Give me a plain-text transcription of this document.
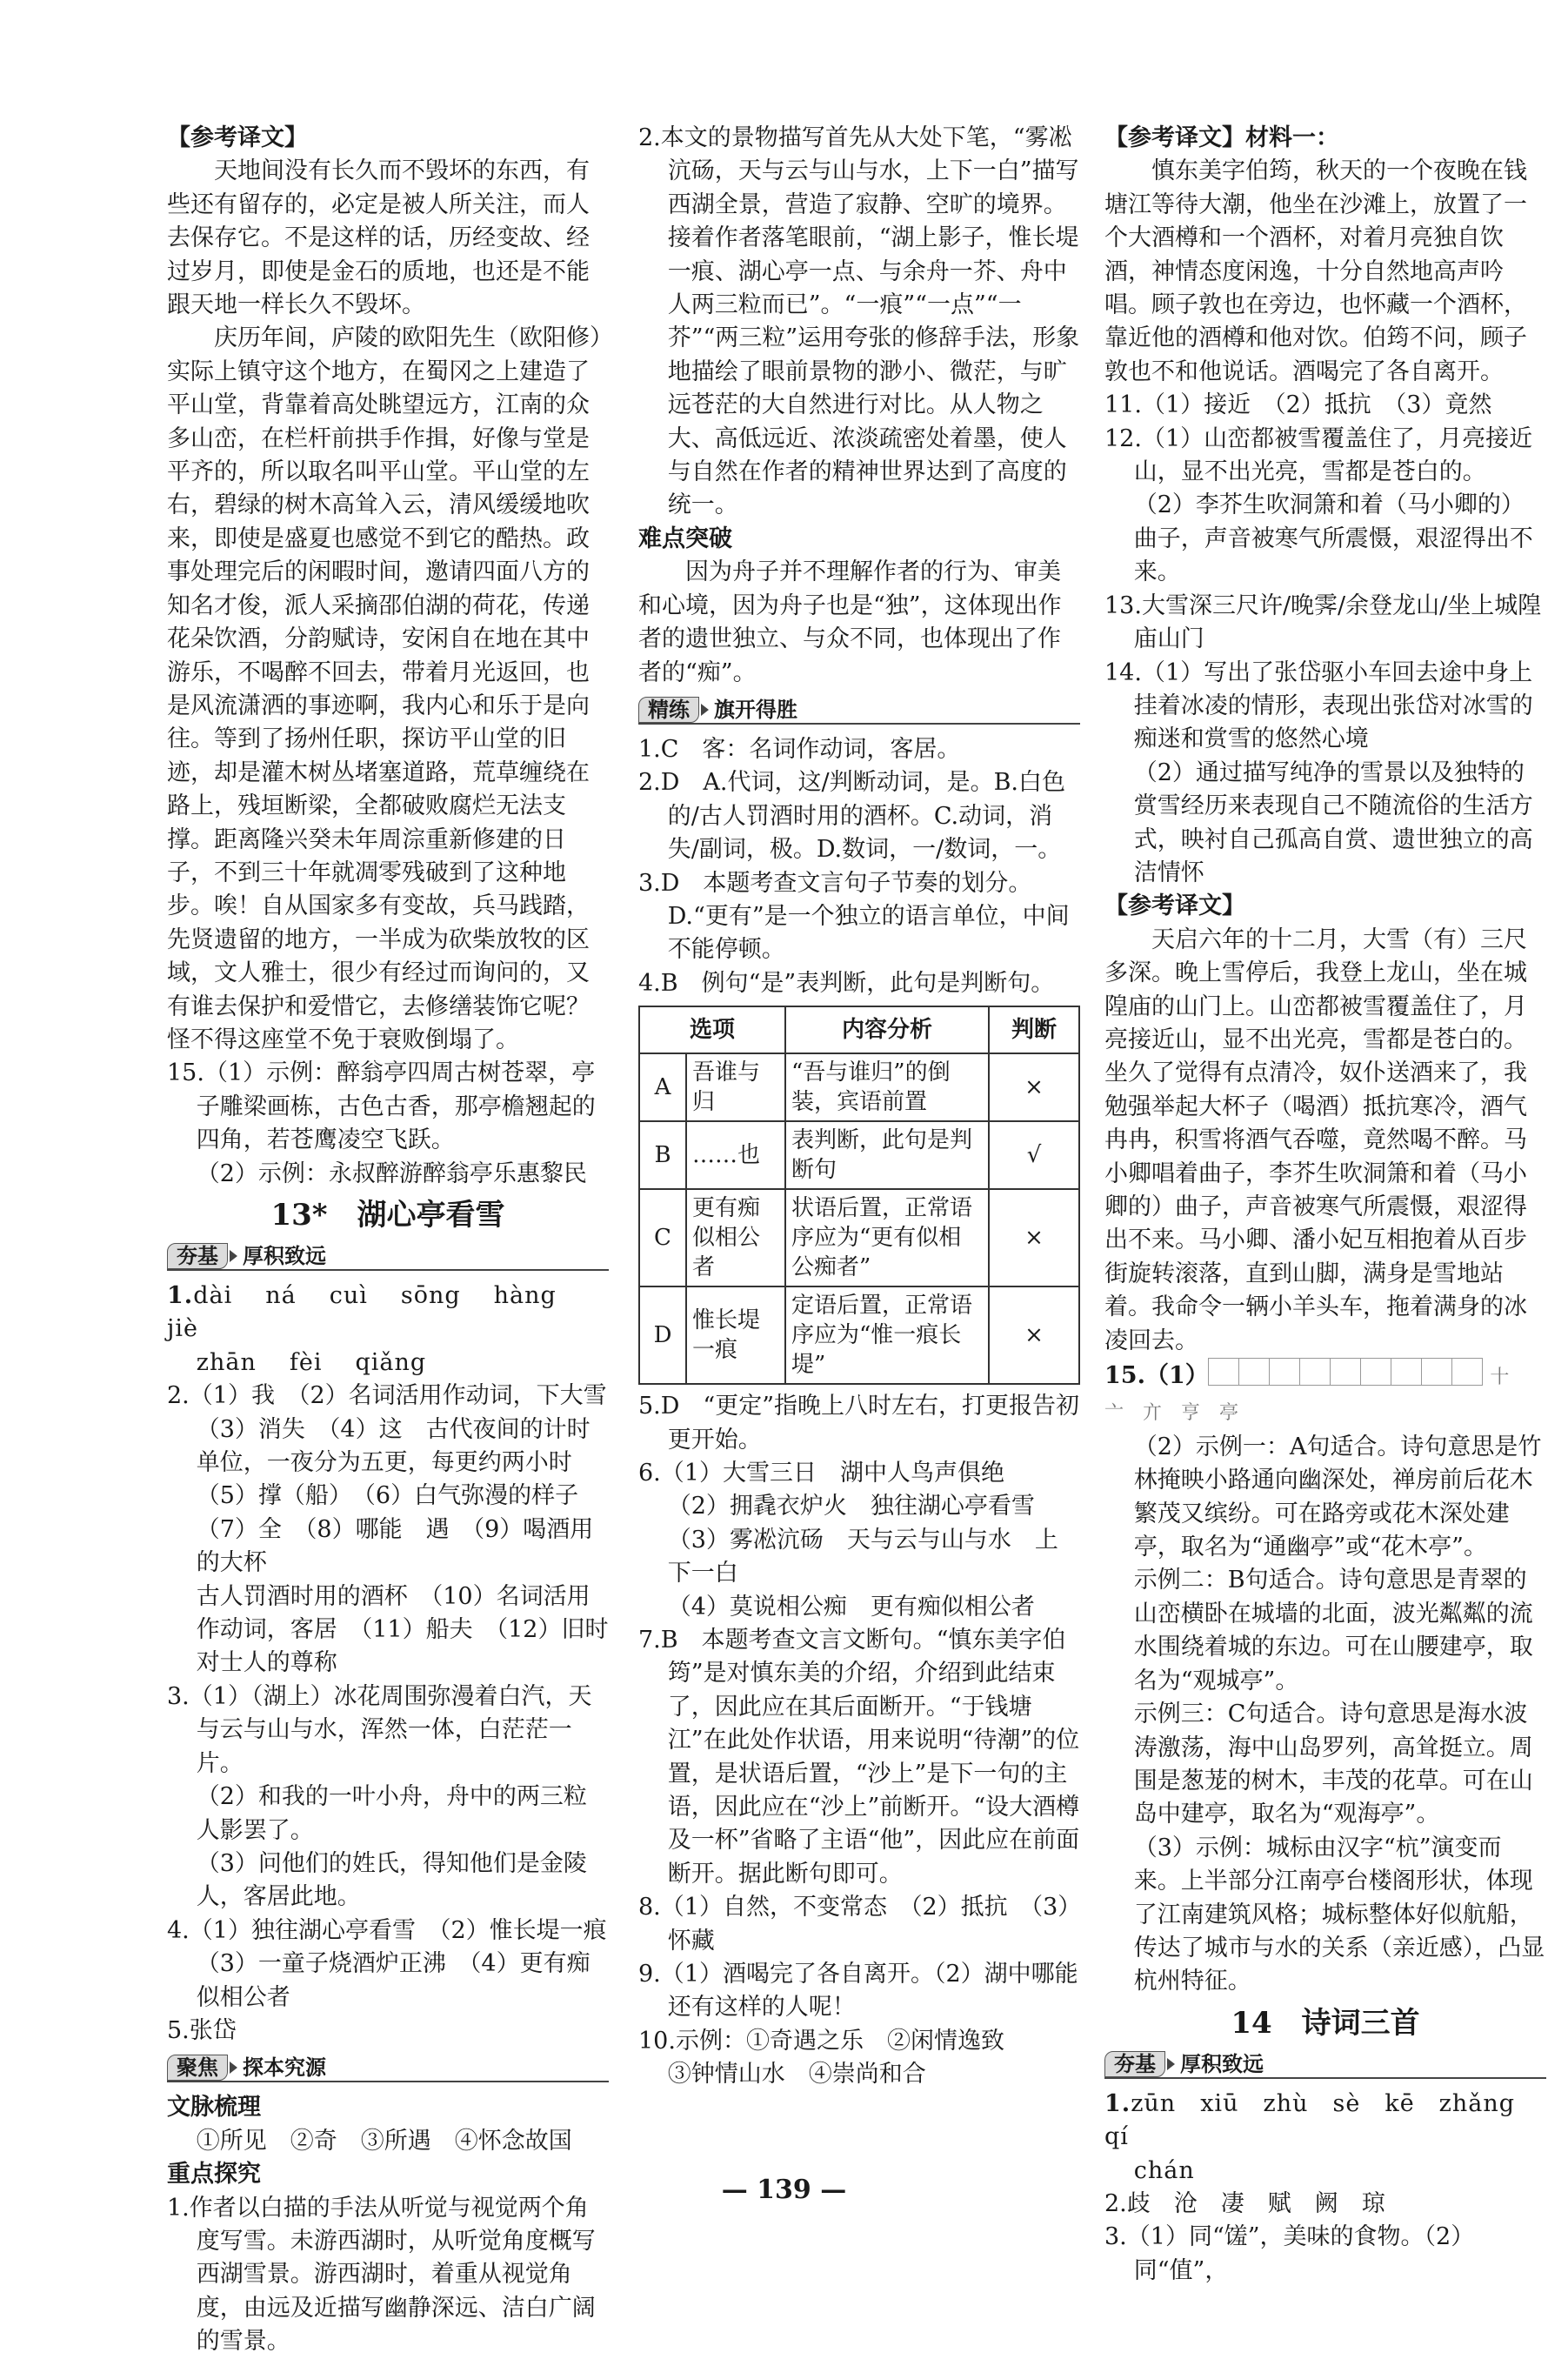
【参考译文】

天地间没有长久而不毁坏的东西，有些还有留存的，必定是被人所关注，而人去保存它。不是这样的话，历经变故、经过岁月，即使是金石的质地，也还是不能跟天地一样长久不毁坏。

庆历年间，庐陵的欧阳先生（欧阳修）实际上镇守这个地方，在蜀冈之上建造了平山堂，背靠着高处眺望远方，江南的众多山峦，在栏杆前拱手作揖，好像与堂是平齐的，所以取名叫平山堂。平山堂的左右，碧绿的树木高耸入云，清风缓缓地吹来，即使是盛夏也感觉不到它的酷热。政事处理完后的闲暇时间，邀请四面八方的知名才俊，派人采摘邵伯湖的荷花，传递花朵饮酒，分韵赋诗，安闲自在地在其中游乐，不喝醉不回去，带着月光返回，也是风流潇洒的事迹啊，我内心和乐于是向往。等到了扬州任职，探访平山堂的旧迹，却是灌木树丛堵塞道路，荒草缠绕在路上，残垣断梁，全都破败腐烂无法支撑。距离隆兴癸未年周淙重新修建的日子，不到三十年就凋零残破到了这种地步。唉！自从国家多有变故，兵马践踏，先贤遗留的地方，一半成为砍柴放牧的区域，文人雅士，很少有经过而询问的，又有谁去保护和爱惜它，去修缮装饰它呢？怪不得这座堂不免于衰败倒塌了。

15.（1）示例：醉翁亭四周古树苍翠，亭子雕梁画栋，古色古香，那亭檐翘起的四角，若苍鹰凌空飞跃。

（2）示例：永叔醉游醉翁亭乐惠黎民

13*　 湖心亭看雪
夯基	厚积致远

1.dài ná cuì sōng hàngjiè

zhān fèi qiǎng

2.（1）我　（2）名词活用作动词，下大雪

（3）消失　（4）这　古代夜间的计时单位，一夜分为五更，每更约两小时

（5）撑（船）　（6）白气弥漫的样子

（7）全　（8）哪能　遇　（9）喝酒用的大杯

古人罚酒时用的酒杯　（10）名词活用作动词，客居　（11）船夫　（12）旧时对士人的尊称

3.（1）（湖上）冰花周围弥漫着白汽，天与云与山与水，浑然一体，白茫茫一片。

（2）和我的一叶小舟，舟中的两三粒人影罢了。

（3）问他们的姓氏，得知他们是金陵人，客居此地。

4.（1）独往湖心亭看雪　（2）惟长堤一痕

（3）一童子烧酒炉正沸　（4）更有痴似相公者

5.张岱

聚焦	探本究源

文脉梳理

①所见　②奇　③所遇　④怀念故国

重点探究

1.作者以白描的手法从听觉与视觉两个角度写雪。未游西湖时，从听觉角度概写西湖雪景。游西湖时，着重从视觉角度，由远及近描写幽静深远、洁白广阔的雪景。

2.本文的景物描写首先从大处下笔，“雾凇沆砀，天与云与山与水，上下一白”描写西湖全景，营造了寂静、空旷的境界。接着作者落笔眼前，“湖上影子，惟长堤一痕、湖心亭一点、与余舟一芥、舟中人两三粒而已”。“一痕”“一点”“一芥”“两三粒”运用夸张的修辞手法，形象地描绘了眼前景物的渺小、微茫，与旷远苍茫的大自然进行对比。从人物之大、高低远近、浓淡疏密处着墨，使人与自然在作者的精神世界达到了高度的统一。

难点突破

因为舟子并不理解作者的行为、审美和心境，因为舟子也是“独”，这体现出作者的遗世独立、与众不同，也体现出了作者的“痴”。

精练	旗开得胜

1.C　客：名词作动词，客居。

2.D　A.代词，这/判断动词，是。B.白色的/古人罚酒时用的酒杯。C.动词，消失/副词，极。D.数词，一/数词，一。

3.D　本题考查文言句子节奏的划分。D.“更有”是一个独立的语言单位，中间不能停顿。

4.B　例句“是”表判断，此句是判断句。

选项		内容分析	判断
A	吾谁与归	“吾与谁归”的倒装，宾语前置	×
B	……也	表判断，此句是判断句	√
C	更有痴似相公者	状语后置，正常语序应为“更有似相公痴者”	×
D	惟长堤一痕	定语后置，正常语序应为“惟一痕长堤”	×

5.D　“更定”指晚上八时左右，打更报告初更开始。

6.（1）大雪三日　湖中人鸟声俱绝

（2）拥毳衣炉火　独往湖心亭看雪

（3）雾凇沆砀　天与云与山与水　上下一白

（4）莫说相公痴　更有痴似相公者

7.B　本题考查文言文断句。“慎东美字伯筠”是对慎东美的介绍，介绍到此结束了，因此应在其后面断开。“于钱塘江”在此处作状语，用来说明“待潮”的位置，是状语后置，“沙上”是下一句的主语，因此应在“沙上”前断开。“设大酒樽及一杯”省略了主语“他”，因此应在前面断开。据此断句即可。

8.（1）自然，不变常态　（2）抵抗　（3）怀藏

9.（1）酒喝完了各自离开。（2）湖中哪能还有这样的人呢！

10.示例：①奇遇之乐　②闲情逸致

③钟情山水　④崇尚和合

【参考译文】材料一：

慎东美字伯筠，秋天的一个夜晚在钱塘江等待大潮，他坐在沙滩上，放置了一个大酒樽和一个酒杯，对着月亮独自饮酒，神情态度闲逸，十分自然地高声吟唱。顾子敦也在旁边，也怀藏一个酒杯，靠近他的酒樽和他对饮。伯筠不问，顾子敦也不和他说话。酒喝完了各自离开。

11.（1）接近　（2）抵抗　（3）竟然

12.（1）山峦都被雪覆盖住了，月亮接近山，显不出光亮，雪都是苍白的。

（2）李芥生吹洞箫和着（马小卿的）曲子，声音被寒气所震慑，艰涩得出不来。

13.大雪深三尺许/晚霁/余登龙山/坐上城隍庙山门

14.（1）写出了张岱驱小车回去途中身上挂着冰凌的情形，表现出张岱对冰雪的痴迷和赏雪的悠然心境

（2）通过描写纯净的雪景以及独特的赏雪经历来表现自己不随流俗的生活方式，映衬自己孤高自赏、遗世独立的高洁情怀

【参考译文】

天启六年的十二月，大雪（有）三尺多深。晚上雪停后，我登上龙山，坐在城隍庙的山门上。山峦都被雪覆盖住了，月亮接近山，显不出光亮，雪都是苍白的。坐久了觉得有点清冷，奴仆送酒来了，我勉强举起大杯子（喝酒）抵抗寒冷，酒气冉冉，积雪将酒气吞噬，竟然喝不醉。马小卿唱着曲子，李芥生吹洞箫和着（马小卿的）曲子，声音被寒气所震慑，艰涩得出不来。马小卿、潘小妃互相抱着从百步街旋转滚落，直到山脚，满身是雪地站着。我命令一辆小羊头车，拖着满身的冰凌回去。

15.（1）	十　亠　亣　亨　亭

（2）示例一：A句适合。诗句意思是竹林掩映小路通向幽深处，禅房前后花木繁茂又缤纷。可在路旁或花木深处建亭，取名为“通幽亭”或“花木亭”。

示例二：B句适合。诗句意思是青翠的山峦横卧在城墙的北面，波光粼粼的流水围绕着城的东边。可在山腰建亭，取名为“观城亭”。

示例三：C句适合。诗句意思是海水波涛激荡，海中山岛罗列，高耸挺立。周围是葱茏的树木，丰茂的花草。可在山岛中建亭，取名为“观海亭”。

（3）示例：城标由汉字“杭”演变而来。上半部分江南亭台楼阁形状，体现了江南建筑风格；城标整体好似航船，传达了城市与水的关系（亲近感），凸显杭州特征。

14　 诗词三首
夯基	厚积致远

1.zūn xiū zhù sè kē zhǎngqí

chán

2.歧　沧　凄　赋　阙　琼

3.（1）同“馐”，美味的食物。（2）同“值”，

— 139 —
